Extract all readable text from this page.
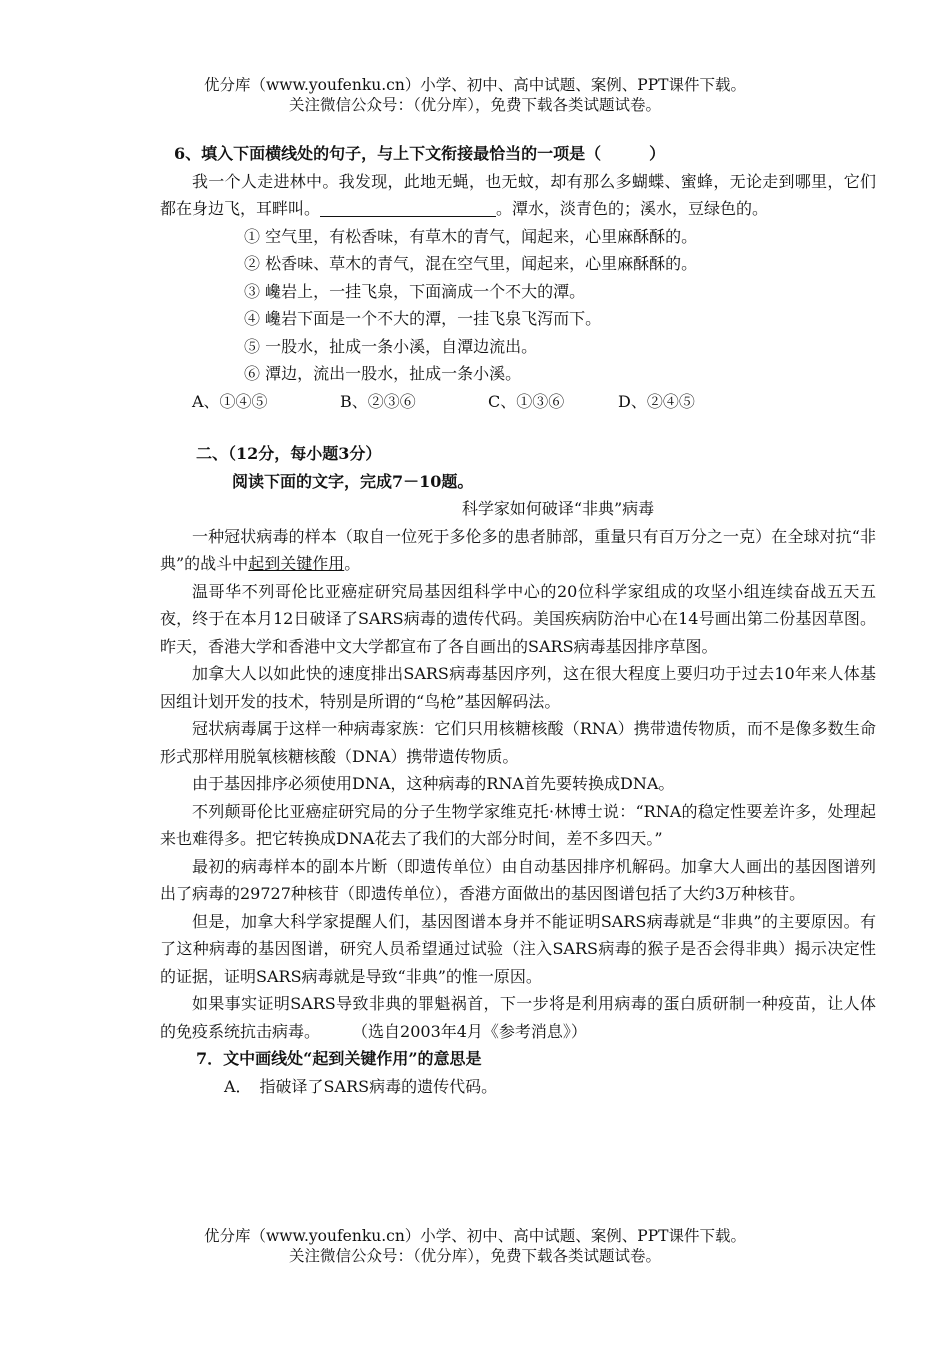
优分库（www.youfenku.cn）小学、初中、高中试题、案例、PPT课件下载。
关注微信公众号：（优分库），免费下载各类试题试卷。
6、填入下面横线处的句子，与上下文衔接最恰当的一项是（　　　）

我一个人走进林中。我发现，此地无蝇，也无蚊，却有那么多蝴蝶、蜜蜂，无论走到哪里，它们都在身边飞，耳畔叫。	。潭水，淡青色的；溪水，豆绿色的。

① 空气里，有松香味，有草木的青气，闻起来，心里麻酥酥的。
② 松香味、草木的青气，混在空气里，闻起来，心里麻酥酥的。
③ 巉岩上，一挂飞泉，下面滴成一个不大的潭。
④ 巉岩下面是一个不大的潭，一挂飞泉飞泻而下。
⑤ 一股水，扯成一条小溪，自潭边流出。
⑥ 潭边，流出一股水，扯成一条小溪。
A、①④⑤	B、②③⑥	C、①③⑥	D、②④⑤
二、（12分，每小题3分）
阅读下面的文字，完成7－10题。
科学家如何破译“非典”病毒

一种冠状病毒的样本（取自一位死于多伦多的患者肺部，重量只有百万分之一克）在全球对抗“非典”的战斗中起到关键作用。

温哥华不列哥伦比亚癌症研究局基因组科学中心的20位科学家组成的攻坚小组连续奋战五天五夜，终于在本月12日破译了SARS病毒的遗传代码。美国疾病防治中心在14号画出第二份基因草图。昨天，香港大学和香港中文大学都宣布了各自画出的SARS病毒基因排序草图。

加拿大人以如此快的速度排出SARS病毒基因序列，这在很大程度上要归功于过去10年来人体基因组计划开发的技术，特别是所谓的“鸟枪”基因解码法。

冠状病毒属于这样一种病毒家族：它们只用核糖核酸（RNA）携带遗传物质，而不是像多数生命形式那样用脱氧核糖核酸（DNA）携带遗传物质。

由于基因排序必须使用DNA，这种病毒的RNA首先要转换成DNA。

不列颠哥伦比亚癌症研究局的分子生物学家维克托·林博士说：“RNA的稳定性要差许多，处理起来也难得多。把它转换成DNA花去了我们的大部分时间，差不多四天。”

最初的病毒样本的副本片断（即遗传单位）由自动基因排序机解码。加拿大人画出的基因图谱列出了病毒的29727种核苷（即遗传单位），香港方面做出的基因图谱包括了大约3万种核苷。

但是，加拿大科学家提醒人们，基因图谱本身并不能证明SARS病毒就是“非典”的主要原因。有了这种病毒的基因图谱，研究人员希望通过试验（注入SARS病毒的猴子是否会得非典）揭示决定性的证据，证明SARS病毒就是导致“非典”的惟一原因。

如果事实证明SARS导致非典的罪魁祸首，下一步将是利用病毒的蛋白质研制一种疫苗，让人体的免疫系统抗击病毒。　　　	（选自2003年4月《参考消息》）

7．文中画线处“起到关键作用”的意思是
A．　指破译了SARS病毒的遗传代码。
优分库（www.youfenku.cn）小学、初中、高中试题、案例、PPT课件下载。
关注微信公众号：（优分库），免费下载各类试题试卷。
